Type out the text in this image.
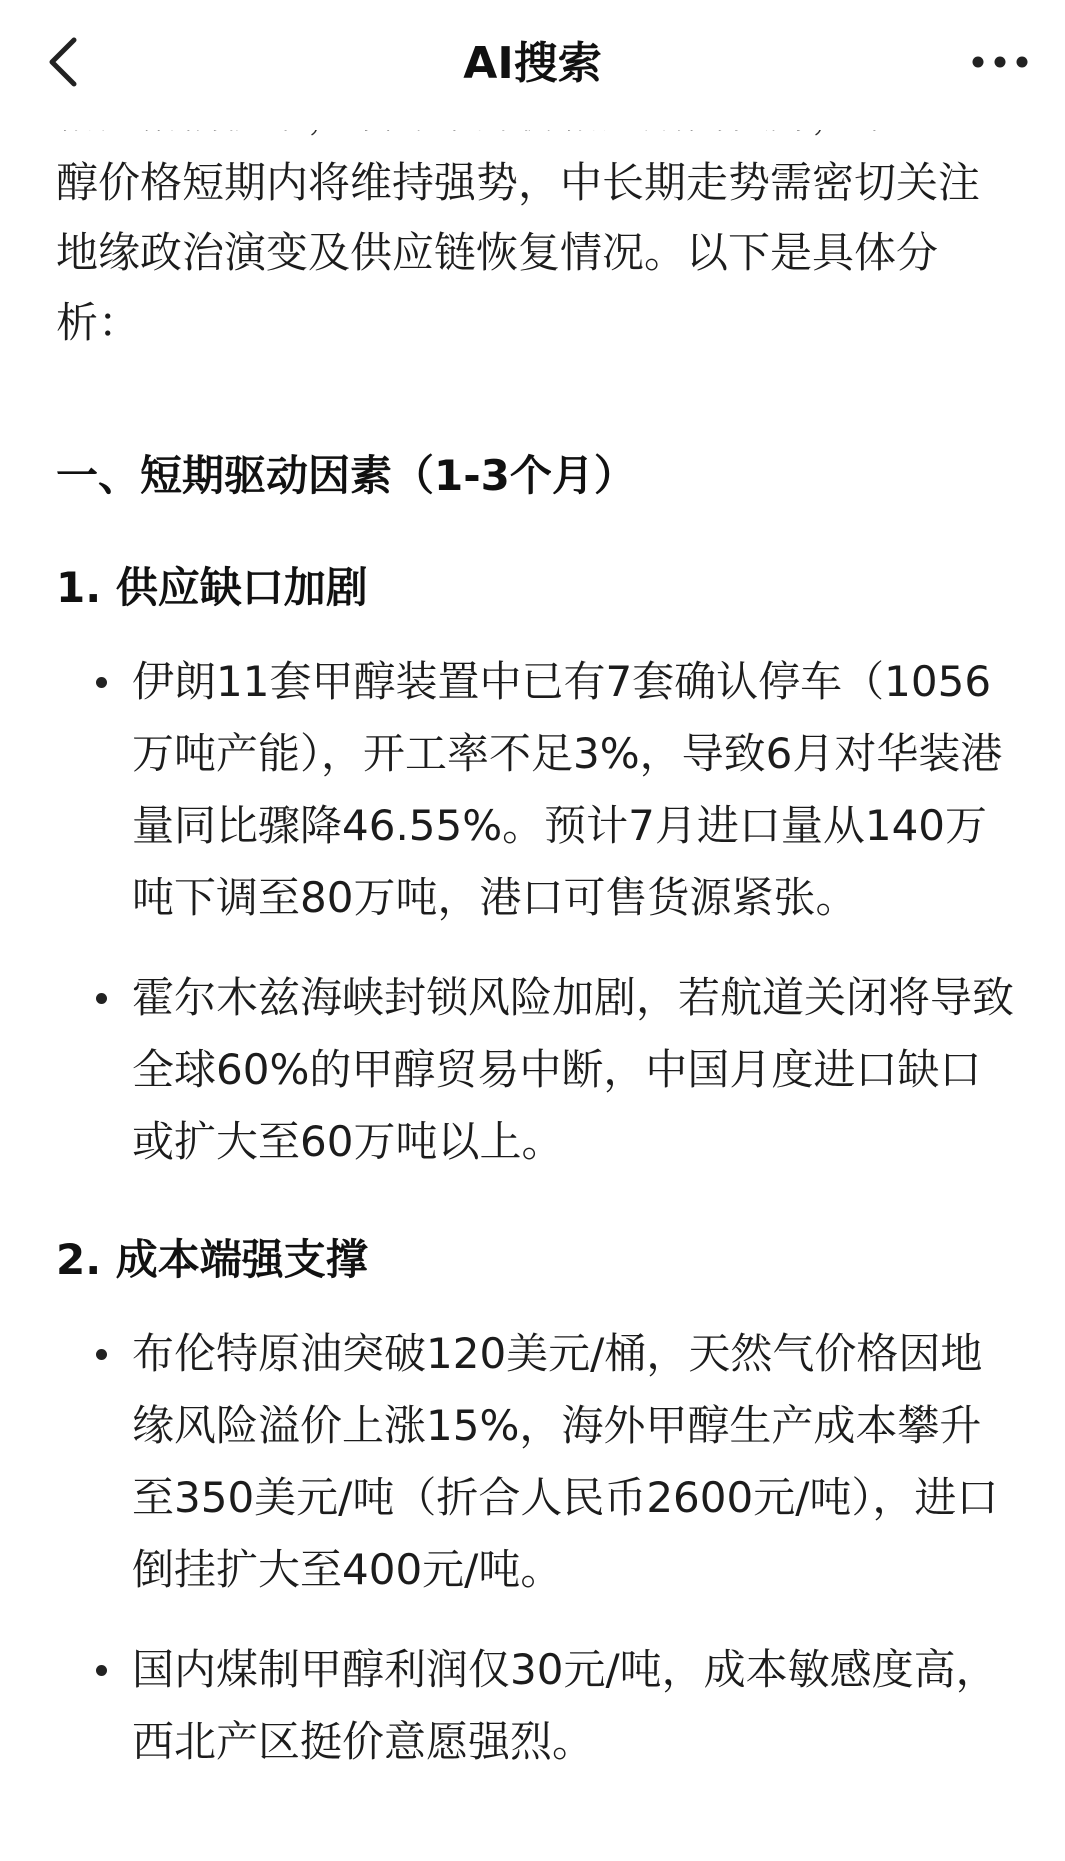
AI搜索

醇价格短期内将维持强势，中长期走势需密切关注地缘政治演变及供应链恢复情况。以下是具体分析：

一、短期驱动因素（1-3个月）
1. 供应缺口加剧
伊朗11套甲醇装置中已有7套确认停车（1056万吨产能），开工率不足3%，导致6月对华装港量同比骤降46.55%。预计7月进口量从140万吨下调至80万吨，港口可售货源紧张。
霍尔木兹海峡封锁风险加剧，若航道关闭将导致全球60%的甲醇贸易中断，中国月度进口缺口或扩大至60万吨以上。
2. 成本端强支撑
布伦特原油突破120美元/桶，天然气价格因地缘风险溢价上涨15%，海外甲醇生产成本攀升至350美元/吨（折合人民币2600元/吨），进口倒挂扩大至400元/吨。
国内煤制甲醇利润仅30元/吨，成本敏感度高，西北产区挺价意愿强烈。
